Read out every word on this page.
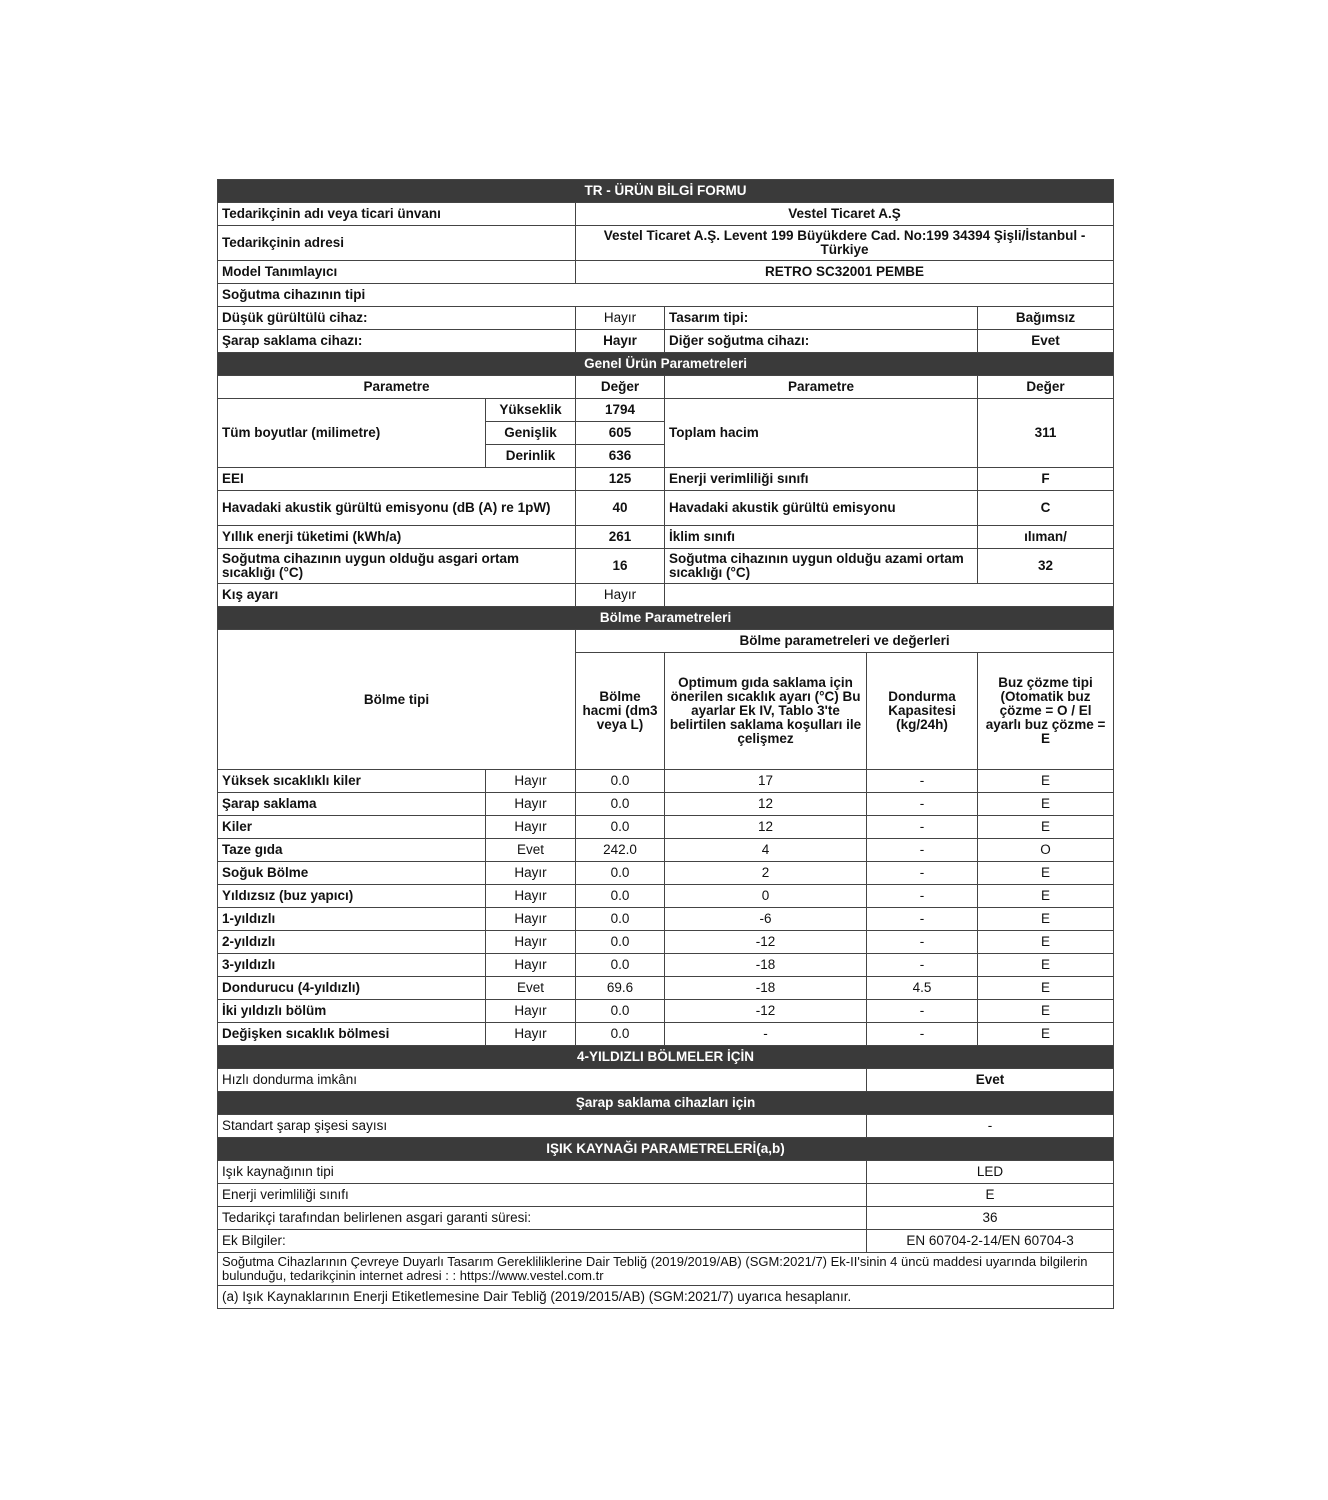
TR - ÜRÜN BİLGİ FORMU					
Tedarikçinin adı veya ticari ünvanı		Vestel Ticaret A.Ş			
Tedarikçinin adresi		Vestel Ticaret A.Ş. Levent 199 Büyükdere Cad. No:199 34394 Şişli/İstanbul - Türkiye			
Model Tanımlayıcı		RETRO SC32001 PEMBE			
Soğutma cihazının tipi					
Düşük gürültülü cihaz:		Hayır	Tasarım tipi:		Bağımsız
Şarap saklama cihazı:		Hayır	Diğer soğutma cihazı:		Evet
Genel Ürün Parametreleri					
Parametre		Değer	Parametre		Değer
Tüm boyutlar (milimetre)	Yükseklik	1794	Toplam hacim		311
	Genişlik	605			
	Derinlik	636			
EEI		125	Enerji verimliliği sınıfı		F
Havadaki akustik gürültü emisyonu (dB (A) re 1pW)		40	Havadaki akustik gürültü emisyonu		C
Yıllık enerji tüketimi (kWh/a)		261	İklim sınıfı		ılıman/
Soğutma cihazının uygun olduğu asgari ortam sıcaklığı (°C)		16	Soğutma cihazının uygun olduğu azami ortam sıcaklığı (°C)		32
Kış ayarı		Hayır			
Bölme Parametreleri					
Bölme tipi		Bölme parametreleri ve değerleri			
		Bölme hacmi (dm3 veya L)	Optimum gıda saklama için önerilen sıcaklık ayarı (°C) Bu ayarlar Ek IV, Tablo 3'te belirtilen saklama koşulları ile çelişmez	Dondurma Kapasitesi (kg/24h)	Buz çözme tipi (Otomatik buz çözme = O / El ayarlı buz çözme = E
Yüksek sıcaklıklı kiler	Hayır	0.0	17	-	E
Şarap saklama	Hayır	0.0	12	-	E
Kiler	Hayır	0.0	12	-	E
Taze gıda	Evet	242.0	4	-	O
Soğuk Bölme	Hayır	0.0	2	-	E
Yıldızsız (buz yapıcı)	Hayır	0.0	0	-	E
1-yıldızlı	Hayır	0.0	-6	-	E
2-yıldızlı	Hayır	0.0	-12	-	E
3-yıldızlı	Hayır	0.0	-18	-	E
Dondurucu (4-yıldızlı)	Evet	69.6	-18	4.5	E
İki yıldızlı bölüm	Hayır	0.0	-12	-	E
Değişken sıcaklık bölmesi	Hayır	0.0	-	-	E
4-YILDIZLI BÖLMELER İÇİN					
Hızlı dondurma imkânı				Evet	
Şarap saklama cihazları için					
Standart şarap şişesi sayısı				-	
IŞIK KAYNAĞI PARAMETRELERİ(a,b)					
Işık kaynağının tipi				LED	
Enerji verimliliği sınıfı				E	
Tedarikçi tarafından belirlenen asgari garanti süresi:				36	
Ek Bilgiler:				EN 60704-2-14/EN 60704-3	
Soğutma Cihazlarının Çevreye Duyarlı Tasarım Gerekliliklerine Dair Tebliğ (2019/2019/AB) (SGM:2021/7) Ek-II'sinin 4 üncü maddesi uyarında bilgilerin bulunduğu, tedarikçinin internet adresi : : https://www.vestel.com.tr					
(a) Işık Kaynaklarının Enerji Etiketlemesine Dair Tebliğ (2019/2015/AB) (SGM:2021/7) uyarıca hesaplanır.					
